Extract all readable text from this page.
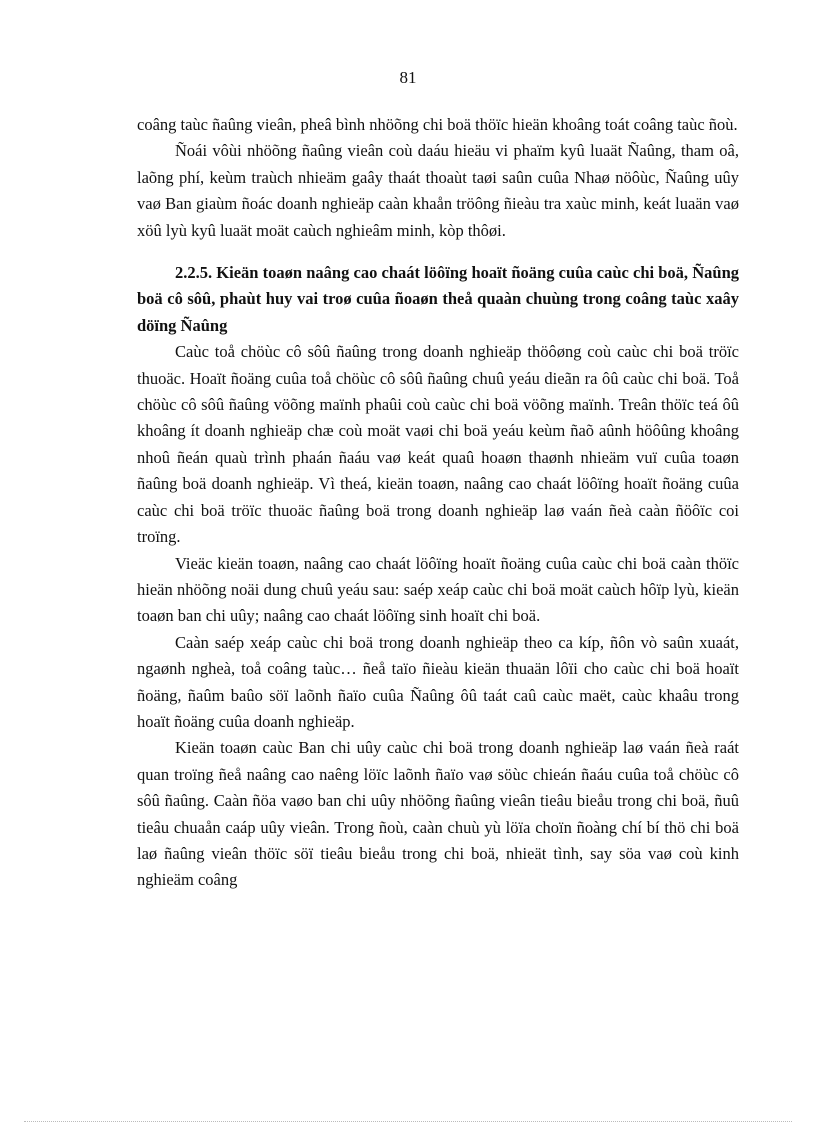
81

coâng taùc ñaûng vieân, pheâ bình nhöõng chi boä thöïc hieän khoâng toát coâng taùc ñoù.

Ñoái vôùi nhöõng ñaûng vieân coù daáu hieäu vi phaïm kyû luaät Ñaûng, tham oâ, laõng phí, keùm traùch nhieäm gaây thaát thoaùt taøi saûn cuûa Nhaø nöôùc, Ñaûng uûy vaø Ban giaùm ñoác doanh nghieäp caàn khaån tröông ñieàu tra xaùc minh, keát luaän vaø xöû lyù kyû luaät moät caùch nghieâm minh, kòp thôøi.

2.2.5. Kieän toaøn naâng cao chaát löôïng hoaït ñoäng cuûa caùc chi boä, Ñaûng boä cô sôû, phaùt huy vai troø cuûa ñoaøn theå quaàn chuùng trong coâng taùc xaây döïng Ñaûng

Caùc toå chöùc cô sôû ñaûng trong doanh nghieäp thöôøng coù caùc chi boä tröïc thuoäc. Hoaït ñoäng cuûa toå chöùc cô sôû ñaûng chuû yeáu dieãn ra ôû caùc chi boä. Toå chöùc cô sôû ñaûng vöõng maïnh phaûi coù caùc chi boä vöõng maïnh. Treân thöïc teá ôû khoâng ít doanh nghieäp chæ coù moät vaøi chi boä yeáu keùm ñaõ aûnh höôûng khoâng nhoû ñeán quaù trình phaán ñaáu vaø keát quaû hoaøn thaønh nhieäm vuï cuûa toaøn ñaûng boä doanh nghieäp. Vì theá, kieän toaøn, naâng cao chaát löôïng hoaït ñoäng cuûa caùc chi boä tröïc thuoäc ñaûng boä trong doanh nghieäp laø vaán ñeà caàn ñöôïc coi troïng.

Vieäc kieän toaøn, naâng cao chaát löôïng hoaït ñoäng cuûa caùc chi boä caàn thöïc hieän nhöõng noäi dung chuû yeáu sau: saép xeáp caùc chi boä moät caùch hôïp lyù, kieän toaøn ban chi uûy; naâng cao chaát löôïng sinh hoaït chi boä.

Caàn saép xeáp caùc chi boä trong doanh nghieäp theo ca kíp, ñôn vò saûn xuaát, ngaønh ngheà, toå coâng taùc… ñeå taïo ñieàu kieän thuaän lôïi cho caùc chi boä hoaït ñoäng, ñaûm baûo söï laõnh ñaïo cuûa Ñaûng ôû taát caû caùc maët, caùc khaâu trong hoaït ñoäng cuûa doanh nghieäp.

Kieän toaøn caùc Ban chi uûy caùc chi boä trong doanh nghieäp laø vaán ñeà raát quan troïng ñeå naâng cao naêng löïc laõnh ñaïo vaø söùc chieán ñaáu cuûa toå chöùc cô sôû ñaûng. Caàn ñöa vaøo ban chi uûy nhöõng ñaûng vieân tieâu bieåu trong chi boä, ñuû tieâu chuaån caáp uûy vieân. Trong ñoù, caàn chuù yù löïa choïn ñoàng chí bí thö chi boä laø ñaûng vieân thöïc söï tieâu bieåu trong chi boä, nhieät tình, say söa vaø coù kinh nghieäm coâng
